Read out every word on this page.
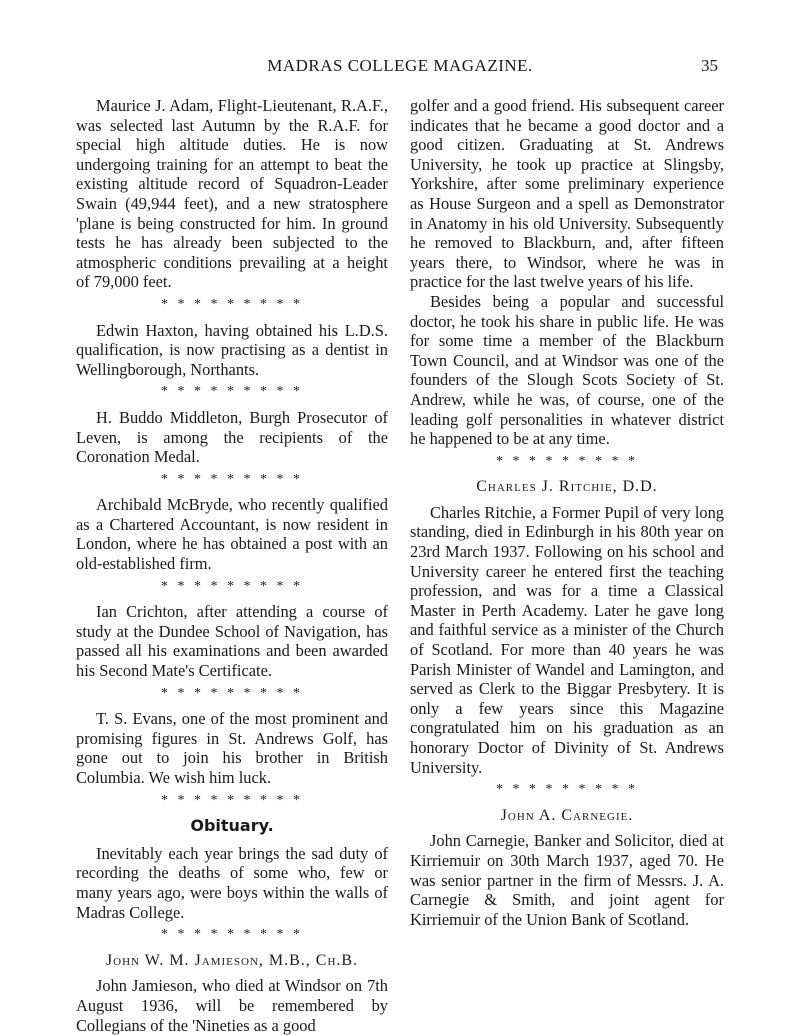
MADRAS COLLEGE MAGAZINE.	35

Maurice J. Adam, Flight-Lieutenant, R.A.F., was selected last Autumn by the R.A.F. for special high altitude duties. He is now undergoing training for an attempt to beat the existing altitude record of Squadron-Leader Swain (49,944 feet), and a new stratosphere 'plane is being constructed for him. In ground tests he has already been subjected to the atmospheric conditions prevailing at a height of 79,000 feet.

* * * * * * * * *

Edwin Haxton, having obtained his L.D.S. qualification, is now practising as a dentist in Wellingborough, Northants.

* * * * * * * * *

H. Buddo Middleton, Burgh Prosecutor of Leven, is among the recipients of the Coronation Medal.

* * * * * * * * *

Archibald McBryde, who recently qualified as a Chartered Accountant, is now resident in London, where he has obtained a post with an old-established firm.

* * * * * * * * *

Ian Crichton, after attending a course of study at the Dundee School of Navigation, has passed all his examinations and been awarded his Second Mate's Certificate.

* * * * * * * * *

T. S. Evans, one of the most prominent and promising figures in St. Andrews Golf, has gone out to join his brother in British Columbia. We wish him luck.

* * * * * * * * *
Obituary.

Inevitably each year brings the sad duty of recording the deaths of some who, few or many years ago, were boys within the walls of Madras College.

* * * * * * * * *
John W. M. Jamieson, M.B., Ch.B.

John Jamieson, who died at Windsor on 7th August 1936, will be remembered by Collegians of the 'Nineties as a good

golfer and a good friend. His subsequent career indicates that he became a good doctor and a good citizen. Graduating at St. Andrews University, he took up practice at Slingsby, Yorkshire, after some preliminary experience as House Surgeon and a spell as Demonstrator in Anatomy in his old University. Subsequently he removed to Blackburn, and, after fifteen years there, to Windsor, where he was in practice for the last twelve years of his life.

Besides being a popular and successful doctor, he took his share in public life. He was for some time a member of the Blackburn Town Council, and at Windsor was one of the founders of the Slough Scots Society of St. Andrew, while he was, of course, one of the leading golf personalities in whatever district he happened to be at any time.

* * * * * * * * *
Charles J. Ritchie, D.D.

Charles Ritchie, a Former Pupil of very long standing, died in Edinburgh in his 80th year on 23rd March 1937. Following on his school and University career he entered first the teaching profession, and was for a time a Classical Master in Perth Academy. Later he gave long and faithful service as a minister of the Church of Scotland. For more than 40 years he was Parish Minister of Wandel and Lamington, and served as Clerk to the Biggar Presbytery. It is only a few years since this Magazine congratulated him on his graduation as an honorary Doctor of Divinity of St. Andrews University.

* * * * * * * * *
John A. Carnegie.

John Carnegie, Banker and Solicitor, died at Kirriemuir on 30th March 1937, aged 70. He was senior partner in the firm of Messrs. J. A. Carnegie & Smith, and joint agent for Kirriemuir of the Union Bank of Scotland.
